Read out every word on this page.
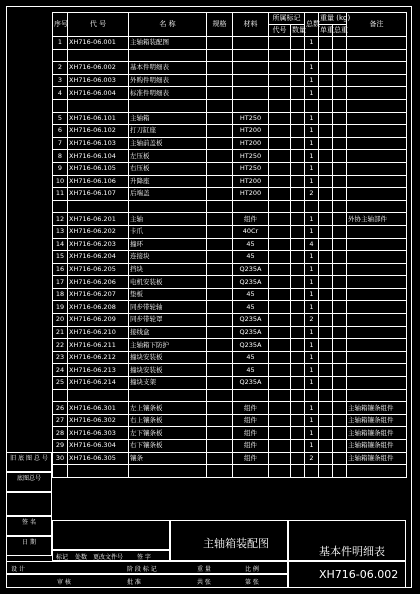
序号	代 号	名 称	规格	材料	所属标记		总数	重量 (kg)		备注
					代号	数量		单重	总重	
1	XH716-06.001	主轴箱装配图					1			

2	XH716-06.002	基本件明细表					1			
3	XH716-06.003	外购件明细表					1			
4	XH716-06.004	标准件明细表					1			

5	XH716-06.101	主轴箱		HT250			1			
6	XH716-06.102	打刀缸座		HT200			1			
7	XH716-06.103	主轴前盖板		HT200			1			
8	XH716-06.104	左压板		HT250			1			
9	XH716-06.105	右压板		HT250			1			
10	XH716-06.106	升降座		HT200			1			
11	XH716-06.107	后端盖		HT200			2			

12	XH716-06.201	主轴		组件			1			外协主轴部件
13	XH716-06.202	卡爪		40Cr			1			
14	XH716-06.203	撞环		45			4			
15	XH716-06.204	连接块		45			1			
16	XH716-06.205	挡块		Q235A			1			
17	XH716-06.206	电机安装板		Q235A			1			
18	XH716-06.207	垫板		45			1			
19	XH716-06.208	同步带轮轴		45			1			
20	XH716-06.209	同步带轮罩		Q235A			2			
21	XH716-06.210	接线盒		Q235A			1			
22	XH716-06.211	主轴箱下防护		Q235A			1			
23	XH716-06.212	撞块安装板		45			1			
24	XH716-06.213	撞块安装板		45			1			
25	XH716-06.214	撞块支架		Q235A			1			

26	XH716-06.301	左上镶条板		组件			1			主轴箱镶条组件
27	XH716-06.302	右上镶条板		组件			1			主轴箱镶条组件
28	XH716-06.303	左下镶条板		组件			1			主轴箱镶条组件
29	XH716-06.304	右下镶条板		组件			1			主轴箱镶条组件
30	XH716-06.305	镶条		组件			2			主轴箱镶条组件

旧 底 图 总 号
底图总号
签 名
日 期	主轴箱装配图
基本件明细表
标记 处数 更改文件号 签 字
设 计	阶 段 标 记	重 量	比 例
审 核	批 准	共 张	第 张
XH716-06.002
